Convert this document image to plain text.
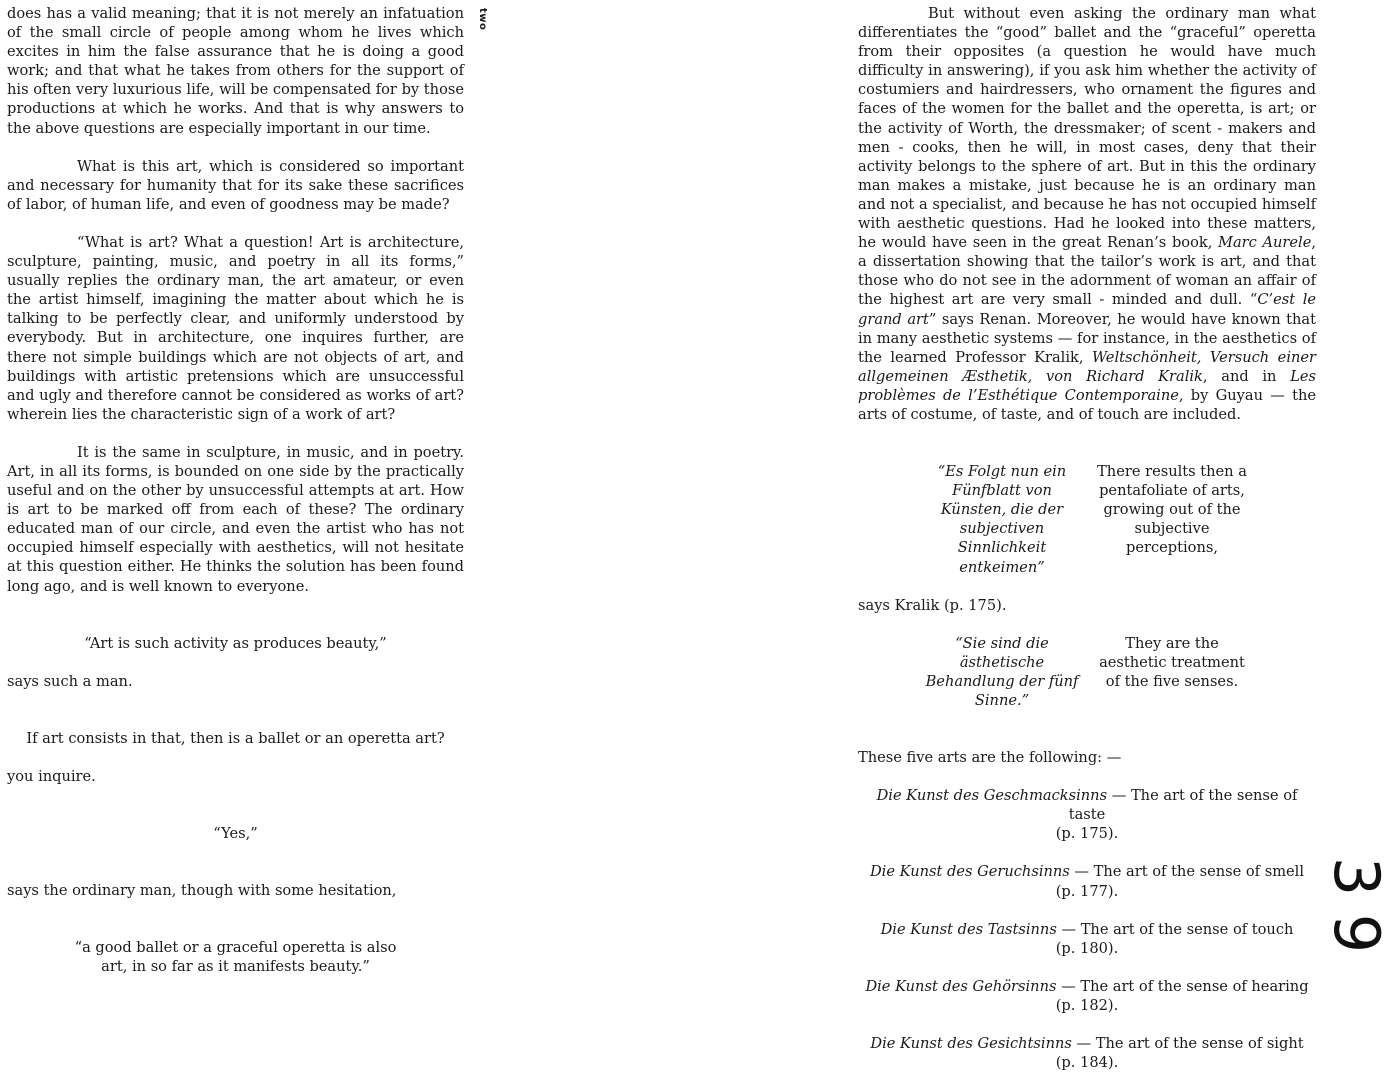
two

does has a valid meaning; that it is not merely an infatuation of the small circle of people among whom he lives which excites in him the false assurance that he is doing a good work; and that what he takes from others for the support of his often very luxurious life, will be compensated for by those productions at which he works. And that is why answers to the above questions are especially important in our time.

What is this art, which is considered so important and necessary for humanity that for its sake these sacrifices of labor, of human life, and even of goodness may be made?

“What is art? What a question! Art is architecture, sculpture, painting, music, and poetry in all its forms,” usually replies the ordinary man, the art amateur, or even the artist himself, imagining the matter about which he is talking to be perfectly clear, and uniformly understood by everybody. But in architecture, one inquires further, are there not simple buildings which are not objects of art, and buildings with artistic pretensions which are unsuccessful and ugly and therefore cannot be considered as works of art? wherein lies the characteristic sign of a work of art?

It is the same in sculpture, in music, and in poetry. Art, in all its forms, is bounded on one side by the practically useful and on the other by unsuccessful attempts at art. How is art to be marked off from each of these? The ordinary educated man of our circle, and even the artist who has not occupied himself especially with aesthetics, will not hesitate at this question either. He thinks the solution has been found long ago, and is well known to everyone.

“Art is such activity as produces beauty,”

says such a man.

If art consists in that, then is a ballet or an operetta art?

you inquire.

“Yes,”

says the ordinary man, though with some hesitation,

“a good ballet or a graceful operetta is also
art, in so far as it manifests beauty.”

But without even asking the ordinary man what differentiates the “good” ballet and the “graceful” operetta from their opposites (a question he would have much difficulty in answering), if you ask him whether the activity of costumiers and hairdressers, who ornament the figures and faces of the women for the ballet and the operetta, is art; or the activity of Worth, the dressmaker; of scent - makers and men - cooks, then he will, in most cases, deny that their activity belongs to the sphere of art. But in this the ordinary man makes a mistake, just because he is an ordinary man and not a specialist, and because he has not occupied himself with aesthetic questions. Had he looked into these matters, he would have seen in the great Renan’s book, Marc Aurele, a dissertation showing that the tailor’s work is art, and that those who do not see in the adornment of woman an affair of the highest art are very small - minded and dull. “C’est le grand art” says Renan. Moreover, he would have known that in many aesthetic systems — for instance, in the aesthetics of the learned Professor Kralik, Weltschönheit, Versuch einer allgemeinen Æsthetik, von Richard Kralik, and in Les problèmes de l’Esthétique Contemporaine, by Guyau — the arts of costume, of taste, and of touch are included.

“Es Folgt nun ein Fünfblatt von Künsten, die der subjectiven Sinnlichkeit entkeimen”
There results then a pentafoliate of arts, growing out of the subjective perceptions,

says Kralik (p. 175).

“Sie sind die ästhetische Behandlung der fünf Sinne.”
They are the aesthetic treatment of the five senses.

These five arts are the following: —

Die Kunst des Geschmacksinns — The art of the sense of taste
(p. 175).

Die Kunst des Geruchsinns — The art of the sense of smell
(p. 177).

Die Kunst des Tastsinns — The art of the sense of touch
(p. 180).

Die Kunst des Gehörsinns — The art of the sense of hearing
(p. 182).

Die Kunst des Gesichtsinns — The art of the sense of sight
(p. 184).

3
9
